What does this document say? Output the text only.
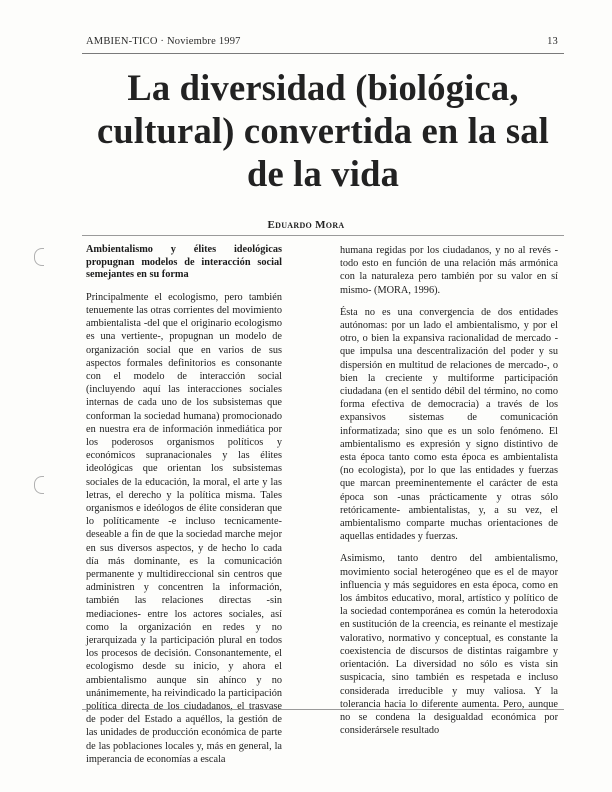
AMBIEN-TICO · Noviembre 1997	13
La diversidad (biológica,
cultural) convertida en la sal
de la vida
Eduardo Mora

Ambientalismo y élites ideológicas propugnan modelos de interacción social semejantes en su forma

Principalmente el ecologismo, pero también tenuemente las otras corrientes del movimiento ambientalista -del que el originario ecologismo es una vertiente-, propugnan un modelo de organización social que en varios de sus aspectos formales definitorios es consonante con el modelo de interacción social (incluyendo aquí las interacciones sociales internas de cada uno de los subsistemas que conforman la sociedad humana) promocionado en nuestra era de información inmediática por los poderosos organismos políticos y económicos supranacionales y las élites ideológicas que orientan los subsistemas sociales de la educación, la moral, el arte y las letras, el derecho y la política misma. Tales organismos e ideólogos de élite consideran que lo políticamente -e incluso tecnicamente- deseable a fin de que la sociedad marche mejor en sus diversos aspectos, y de hecho lo cada día más dominante, es la comunicación permanente y multidireccional sin centros que administren y concentren la información, también las relaciones directas -sin mediaciones- entre los actores sociales, así como la organización en redes y no jerarquizada y la participación plural en todos los procesos de decisión. Consonantemente, el ecologismo desde su inicio, y ahora el ambientalismo aunque sin ahínco y no unánimemente, ha reivindicado la participación política directa de los ciudadanos, el trasvase de poder del Estado a aquéllos, la gestión de las unidades de producción económica de parte de las poblaciones locales y, más en general, la imperancia de economías a escala

humana regidas por los ciudadanos, y no al revés -todo esto en función de una relación más armónica con la naturaleza pero también por su valor en sí mismo- (MORA, 1996).

Ésta no es una convergencia de dos entidades autónomas: por un lado el ambientalismo, y por el otro, o bien la expansiva racionalidad de mercado -que impulsa una descentralización del poder y su dispersión en multitud de relaciones de mercado-, o bien la creciente y multiforme participación ciudadana (en el sentido débil del término, no como forma efectiva de democracia) a través de los expansivos sistemas de comunicación informatizada; sino que es un solo fenómeno. El ambientalismo es expresión y signo distintivo de esta época tanto como esta época es ambientalista (no ecologista), por lo que las entidades y fuerzas que marcan preeminentemente el carácter de esta época son -unas prácticamente y otras sólo retóricamente- ambientalistas, y, a su vez, el ambientalismo comparte muchas orientaciones de aquellas entidades y fuerzas.

Asimismo, tanto dentro del ambientalismo, movimiento social heterogéneo que es el de mayor influencia y más seguidores en esta época, como en los ámbitos educativo, moral, artístico y político de la sociedad contemporánea es común la heterodoxia en sustitución de la creencia, es reinante el mestizaje valorativo, normativo y conceptual, es constante la coexistencia de discursos de distintas raigambre y orientación. La diversidad no sólo es vista sin suspicacia, sino también es respetada e incluso considerada irreducible y muy valiosa. Y la tolerancia hacia lo diferente aumenta. Pero, aunque no se condena la desigualdad económica por considerársele resultado
